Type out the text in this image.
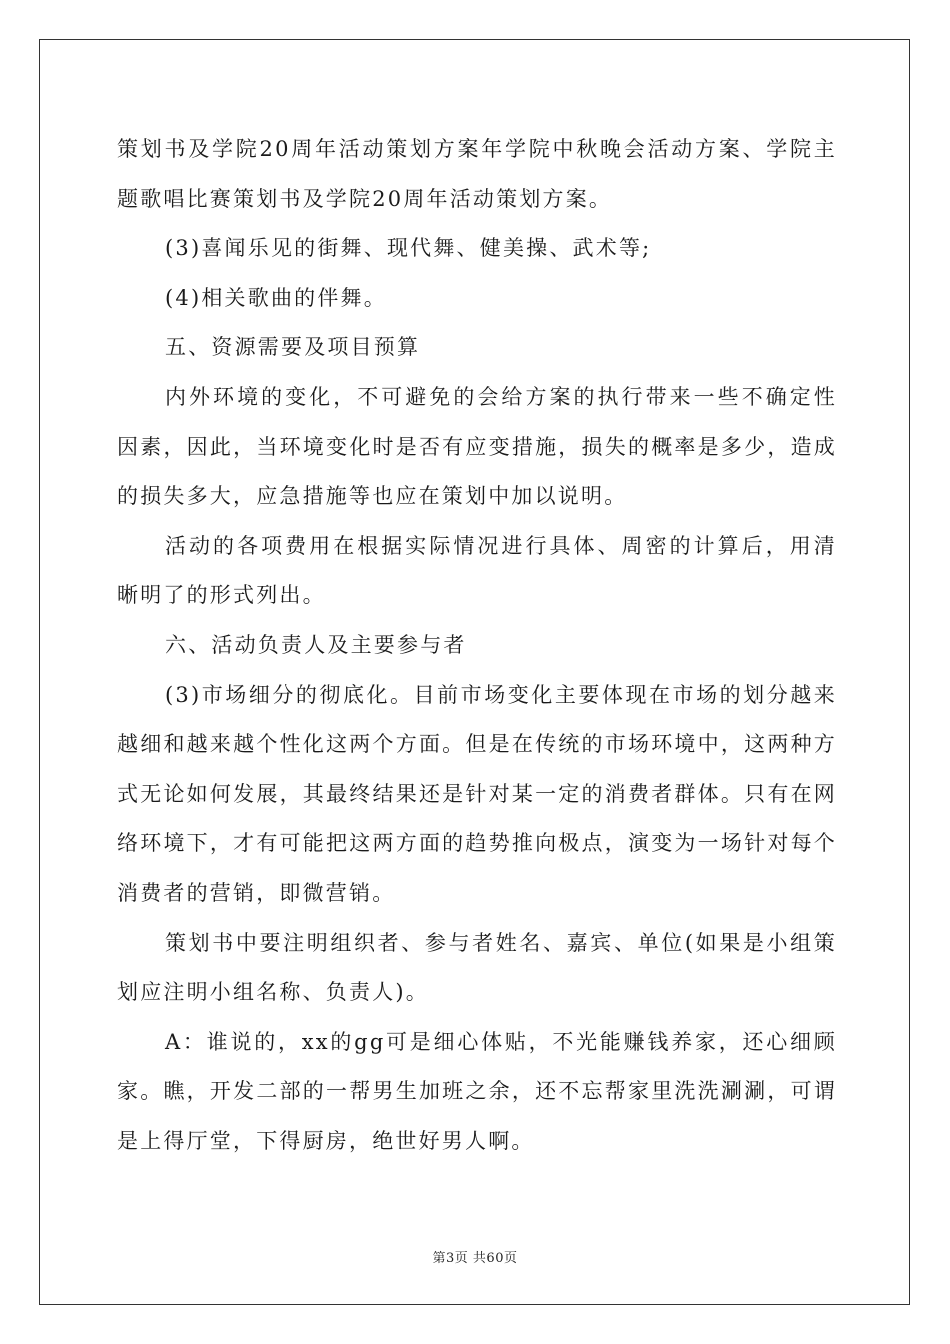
策划书及学院20周年活动策划方案年学院中秋晚会活动方案、学院主题歌唱比赛策划书及学院20周年活动策划方案。

(3)喜闻乐见的街舞、现代舞、健美操、武术等;

(4)相关歌曲的伴舞。

五、资源需要及项目预算

内外环境的变化，不可避免的会给方案的执行带来一些不确定性因素，因此，当环境变化时是否有应变措施，损失的概率是多少，造成的损失多大，应急措施等也应在策划中加以说明。

活动的各项费用在根据实际情况进行具体、周密的计算后，用清晰明了的形式列出。

六、活动负责人及主要参与者

(3)市场细分的彻底化。目前市场变化主要体现在市场的划分越来越细和越来越个性化这两个方面。但是在传统的市场环境中，这两种方式无论如何发展，其最终结果还是针对某一定的消费者群体。只有在网络环境下，才有可能把这两方面的趋势推向极点，演变为一场针对每个消费者的营销，即微营销。

策划书中要注明组织者、参与者姓名、嘉宾、单位(如果是小组策划应注明小组名称、负责人)。

A：谁说的，xx的gg可是细心体贴，不光能赚钱养家，还心细顾家。瞧，开发二部的一帮男生加班之余，还不忘帮家里洗洗涮涮，可谓是上得厅堂，下得厨房，绝世好男人啊。

第3页 共60页
